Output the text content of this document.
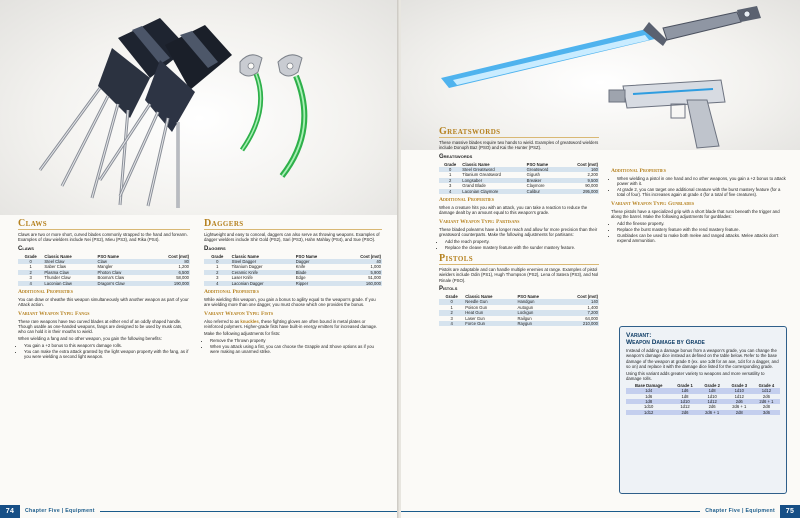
Claws

Claws are two or more short, curved blades commonly strapped to the hand and forearm. Examples of claw wielders include Nei (PS2), Mieu (PS3), and Rika (PS4).

Claws
Grade	Classic Name	PSO Name	Cost (mst)
0	Steel Claw	Claw	80
1	Saber Claw	Mangler	1,200
2	Plasma Claw	Photon Claw	6,500
3	Thunder Claw	Booma's Claw	58,000
4	Laconian Claw	Dragon's Claw	190,000
Additional Properties

You can draw or sheathe this weapon simultaneously with another weapon as part of your Attack action.

Variant Weapon Type: Fangs

These rare weapons have two curved blades at either end of an oddly shaped handle. Though usable as one-handed weapons, fangs are designed to be used by musk cats, who can hold it in their mouths to wield.

When wielding a fang and no other weapon, you gain the following benefits:

• You gain a +2 bonus to this weapon's damage rolls.
• You can make the extra attack granted by the light weapon property with the fang, as if you were wielding a second light weapon.
Daggers

Lightweight and easy to conceal, daggers can also serve as throwing weapons. Examples of dagger wielders include Shir Gold (PS2), Sari (PS3), Hahn Mahlay (PS4), and Sue (PSO).

Daggers
Grade	Classic Name	PSO Name	Cost (mst)
0	Steel Dagger	Dagger	40
1	Titanium Dagger	Knife	1,000
2	Ceramic Knife	Blade	5,900
3	Laser Knife	Edge	51,000
4	Laconian Dagger	Ripper	160,000
Additional Properties

While wielding this weapon, you gain a bonus to agility equal to the weapon's grade. If you are wielding more than one dagger, you must choose which one provides the bonus.

Variant Weapon Type: Fists

Also referred to as knuckles, these fighting gloves are often bound in metal plates or reinforced polymers. Higher-grade fists have built-in energy emitters for increased damage.

Make the following adjustments for fists:

• Remove the Thrown property
• When you attack using a fist, you can choose the Grapple and Shove options as if you were making an unarmed strike.
74	Chapter Five | Equipment
Greatswords

These massive blades require two hands to wield. Examples of greatsword wielders include Donoph Baz (PSO) and Kai the Hunter (PSZ).

Greatswords
Grade	Classic Name	PSO Name	Cost (mst)
0	Steel Greatsword	Greatsword	160
1	Titanium Greatsword	Gigush	2,200
2	Longsaber	Breaker	9,500
3	Grand Blade	Claymore	90,000
4	Laconian Claymore	Calibur	295,000
Additional Properties

When a creature hits you with an attack, you can take a reaction to reduce the damage dealt by an amount equal to this weapon's grade.

Variant Weapon Type: Partisans

These bladed polearms have a longer reach and allow for more precision than their greatsword counterparts. Make the following adjustments for partisans:

• Add the reach property.
• Replace the cleave mastery feature with the sunder mastery feature.
Pistols

Pistols are adaptable and can handle multiple enemies at range. Examples of pistol wielders include Odin (PS1), Hugh Thompson (PS2), Lena of Satera (PS3), and Nol Rinale (PSO).

Pistols
Grade	Classic Name	PSO Name	Cost (mst)
0	Needle Gun	Handgun	140
1	Poison Gun	Autogun	1,400
2	Heat Gun	Lockgun	7,200
3	Laser Gun	Railgun	64,000
4	Force Gun	Raygun	210,000
Additional Properties
• When wielding a pistol in one hand and no other weapons, you gain a +2 bonus to attack power with it.
• At grade 2, you can target one additional creature with the burst mastery feature (for a total of four). This increases again at grade 4 (for a total of five creatures).
Variant Weapon Type: Gunblades

These pistols have a specialized grip with a short blade that runs beneath the trigger and along the barrel. Make the following adjustments for gunblades:

• Add the finesse property.
• Replace the burst mastery feature with the rend mastery feature.
• Gunblades can be used to make both melee and ranged attacks. Melee attacks don't expend ammunition.
Variant:
Weapon Damage by Grade
Instead of adding a damage bonus from a weapon's grade, you can change the weapon's damage dice instead as defined on the table below. Refer to the base damage of the weapon at grade 0 (ex. use 1d8 for an axe, 1d4 for a dagger, and so on) and replace it with the damage dice listed for the corresponding grade.
Using this variant adds greater variety to weapons and more versatility to damage rolls.
Base Damage	Grade 1	Grade 2	Grade 3	Grade 4
1d4	1d6	1d8	1d10	1d12
1d6	1d8	1d10	1d12	2d6
1d8	1d10	1d12	2d6	2d6 + 1
1d10	1d12	2d6	2d6 + 1	2d8
1d12	2d6	2d6 + 1	2d8	3d6
Chapter Five | Equipment	75
